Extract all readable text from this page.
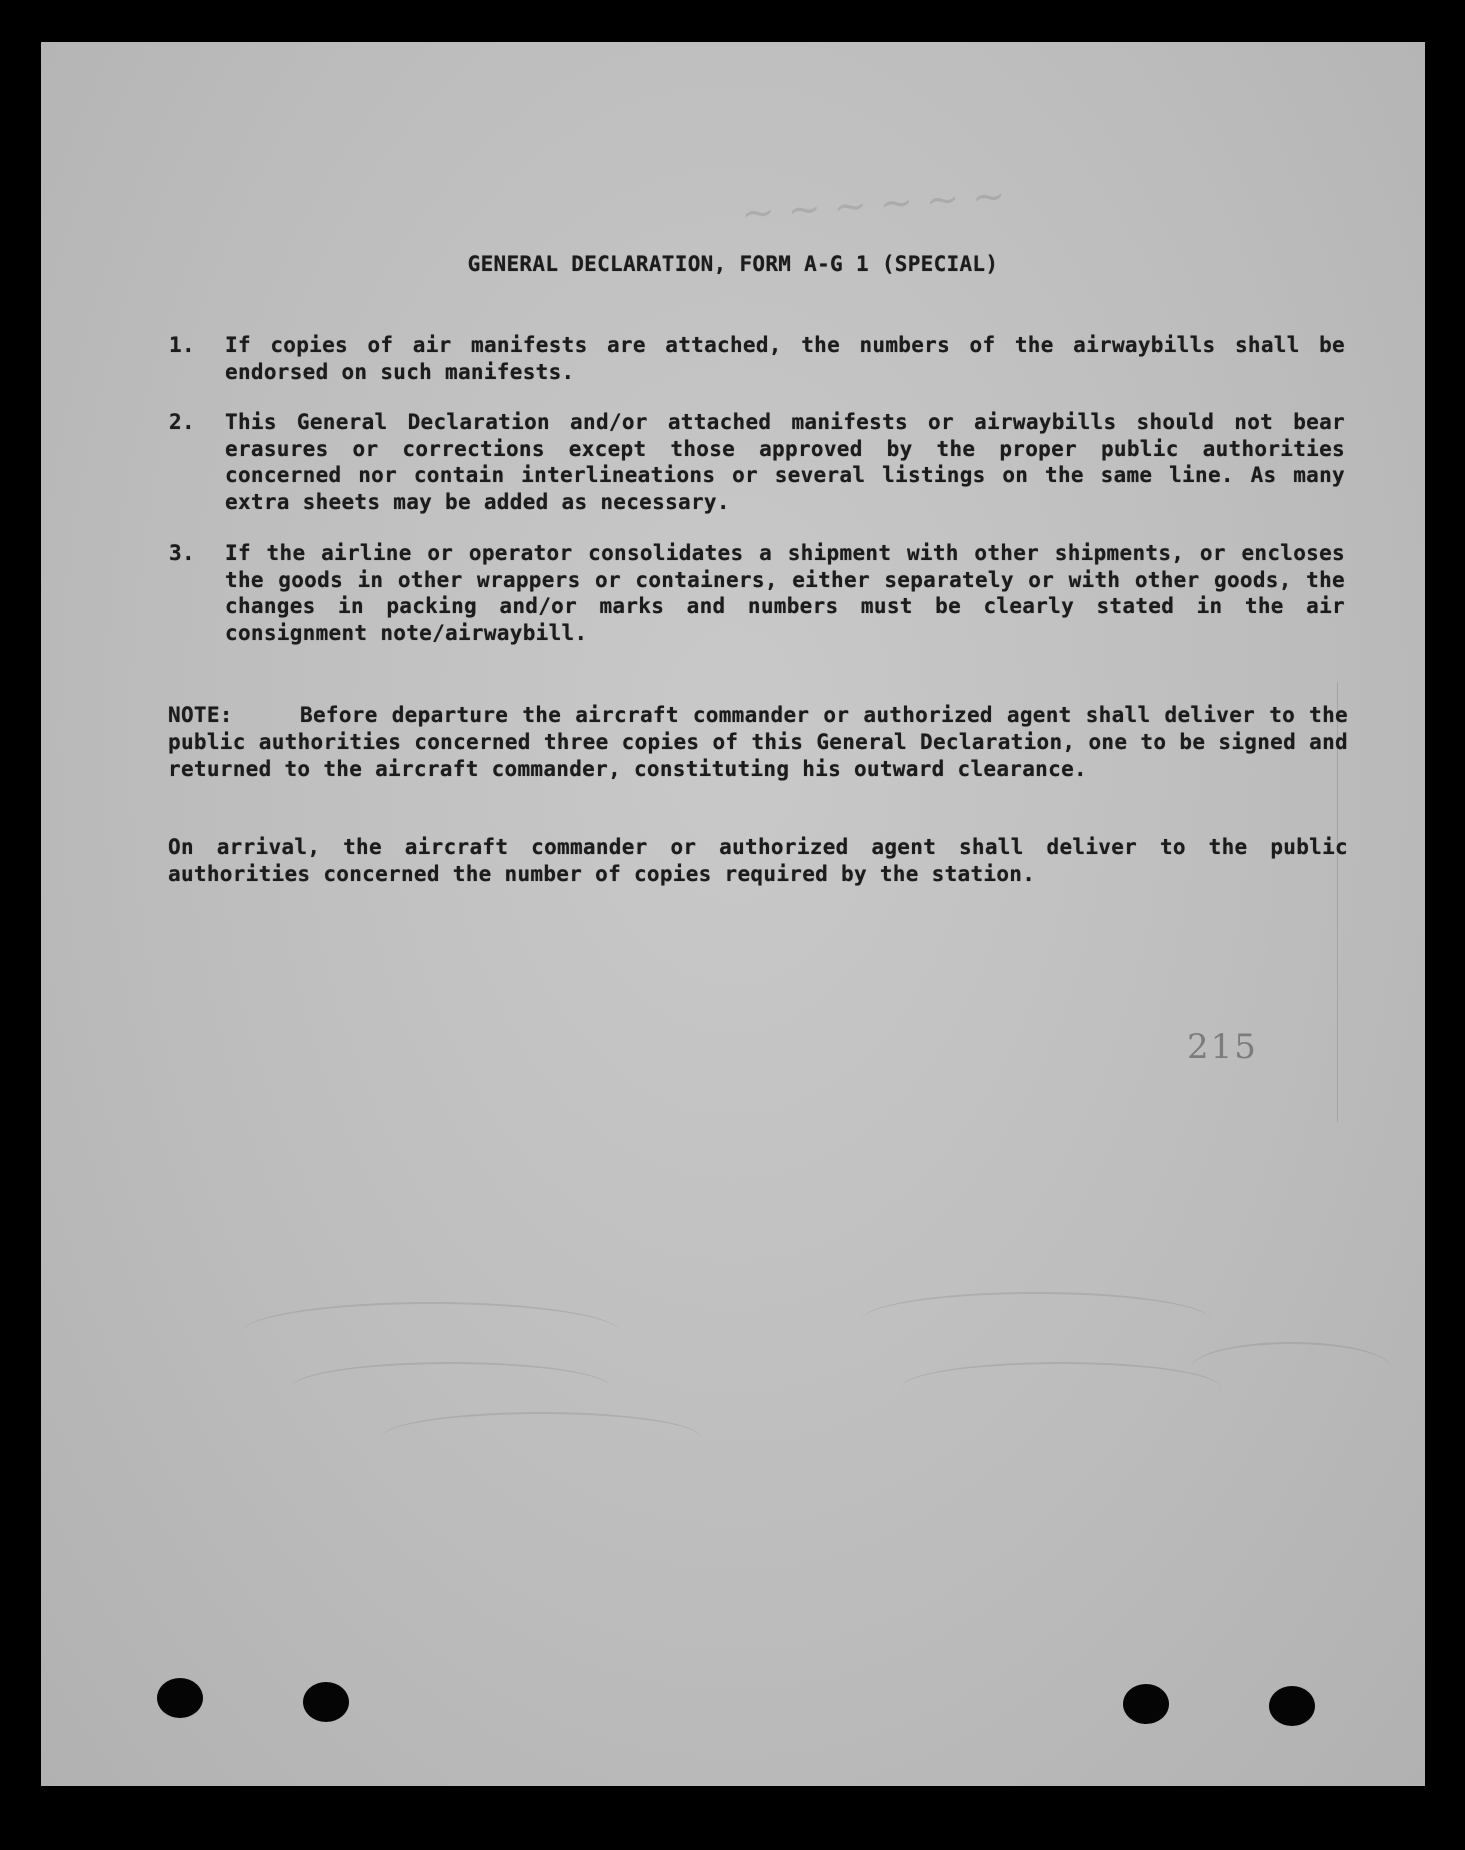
~ ~ ~ ~ ~ ~
GENERAL DECLARATION, FORM A-G 1 (SPECIAL)
1.	If copies of air manifests are attached, the numbers of the airwaybills shall be endorsed on such manifests.
2.	This General Declaration and/or attached manifests or airwaybills should not bear erasures or corrections except those approved by the proper public authorities concerned nor contain interlineations or several listings on the same line. As many extra sheets may be added as necessary.
3.	If the airline or operator consolidates a shipment with other shipments, or encloses the goods in other wrappers or containers, either separately or with other goods, the changes in packing and/or marks and numbers must be clearly stated in the air consignment note/airwaybill.
NOTE:	Before departure the aircraft commander or authorized agent shall deliver to the public authorities concerned three copies of this General Declaration, one to be signed and returned to the aircraft commander, constituting his outward clearance.
On arrival, the aircraft commander or authorized agent shall deliver to the public authorities concerned the number of copies required by the station.
215
